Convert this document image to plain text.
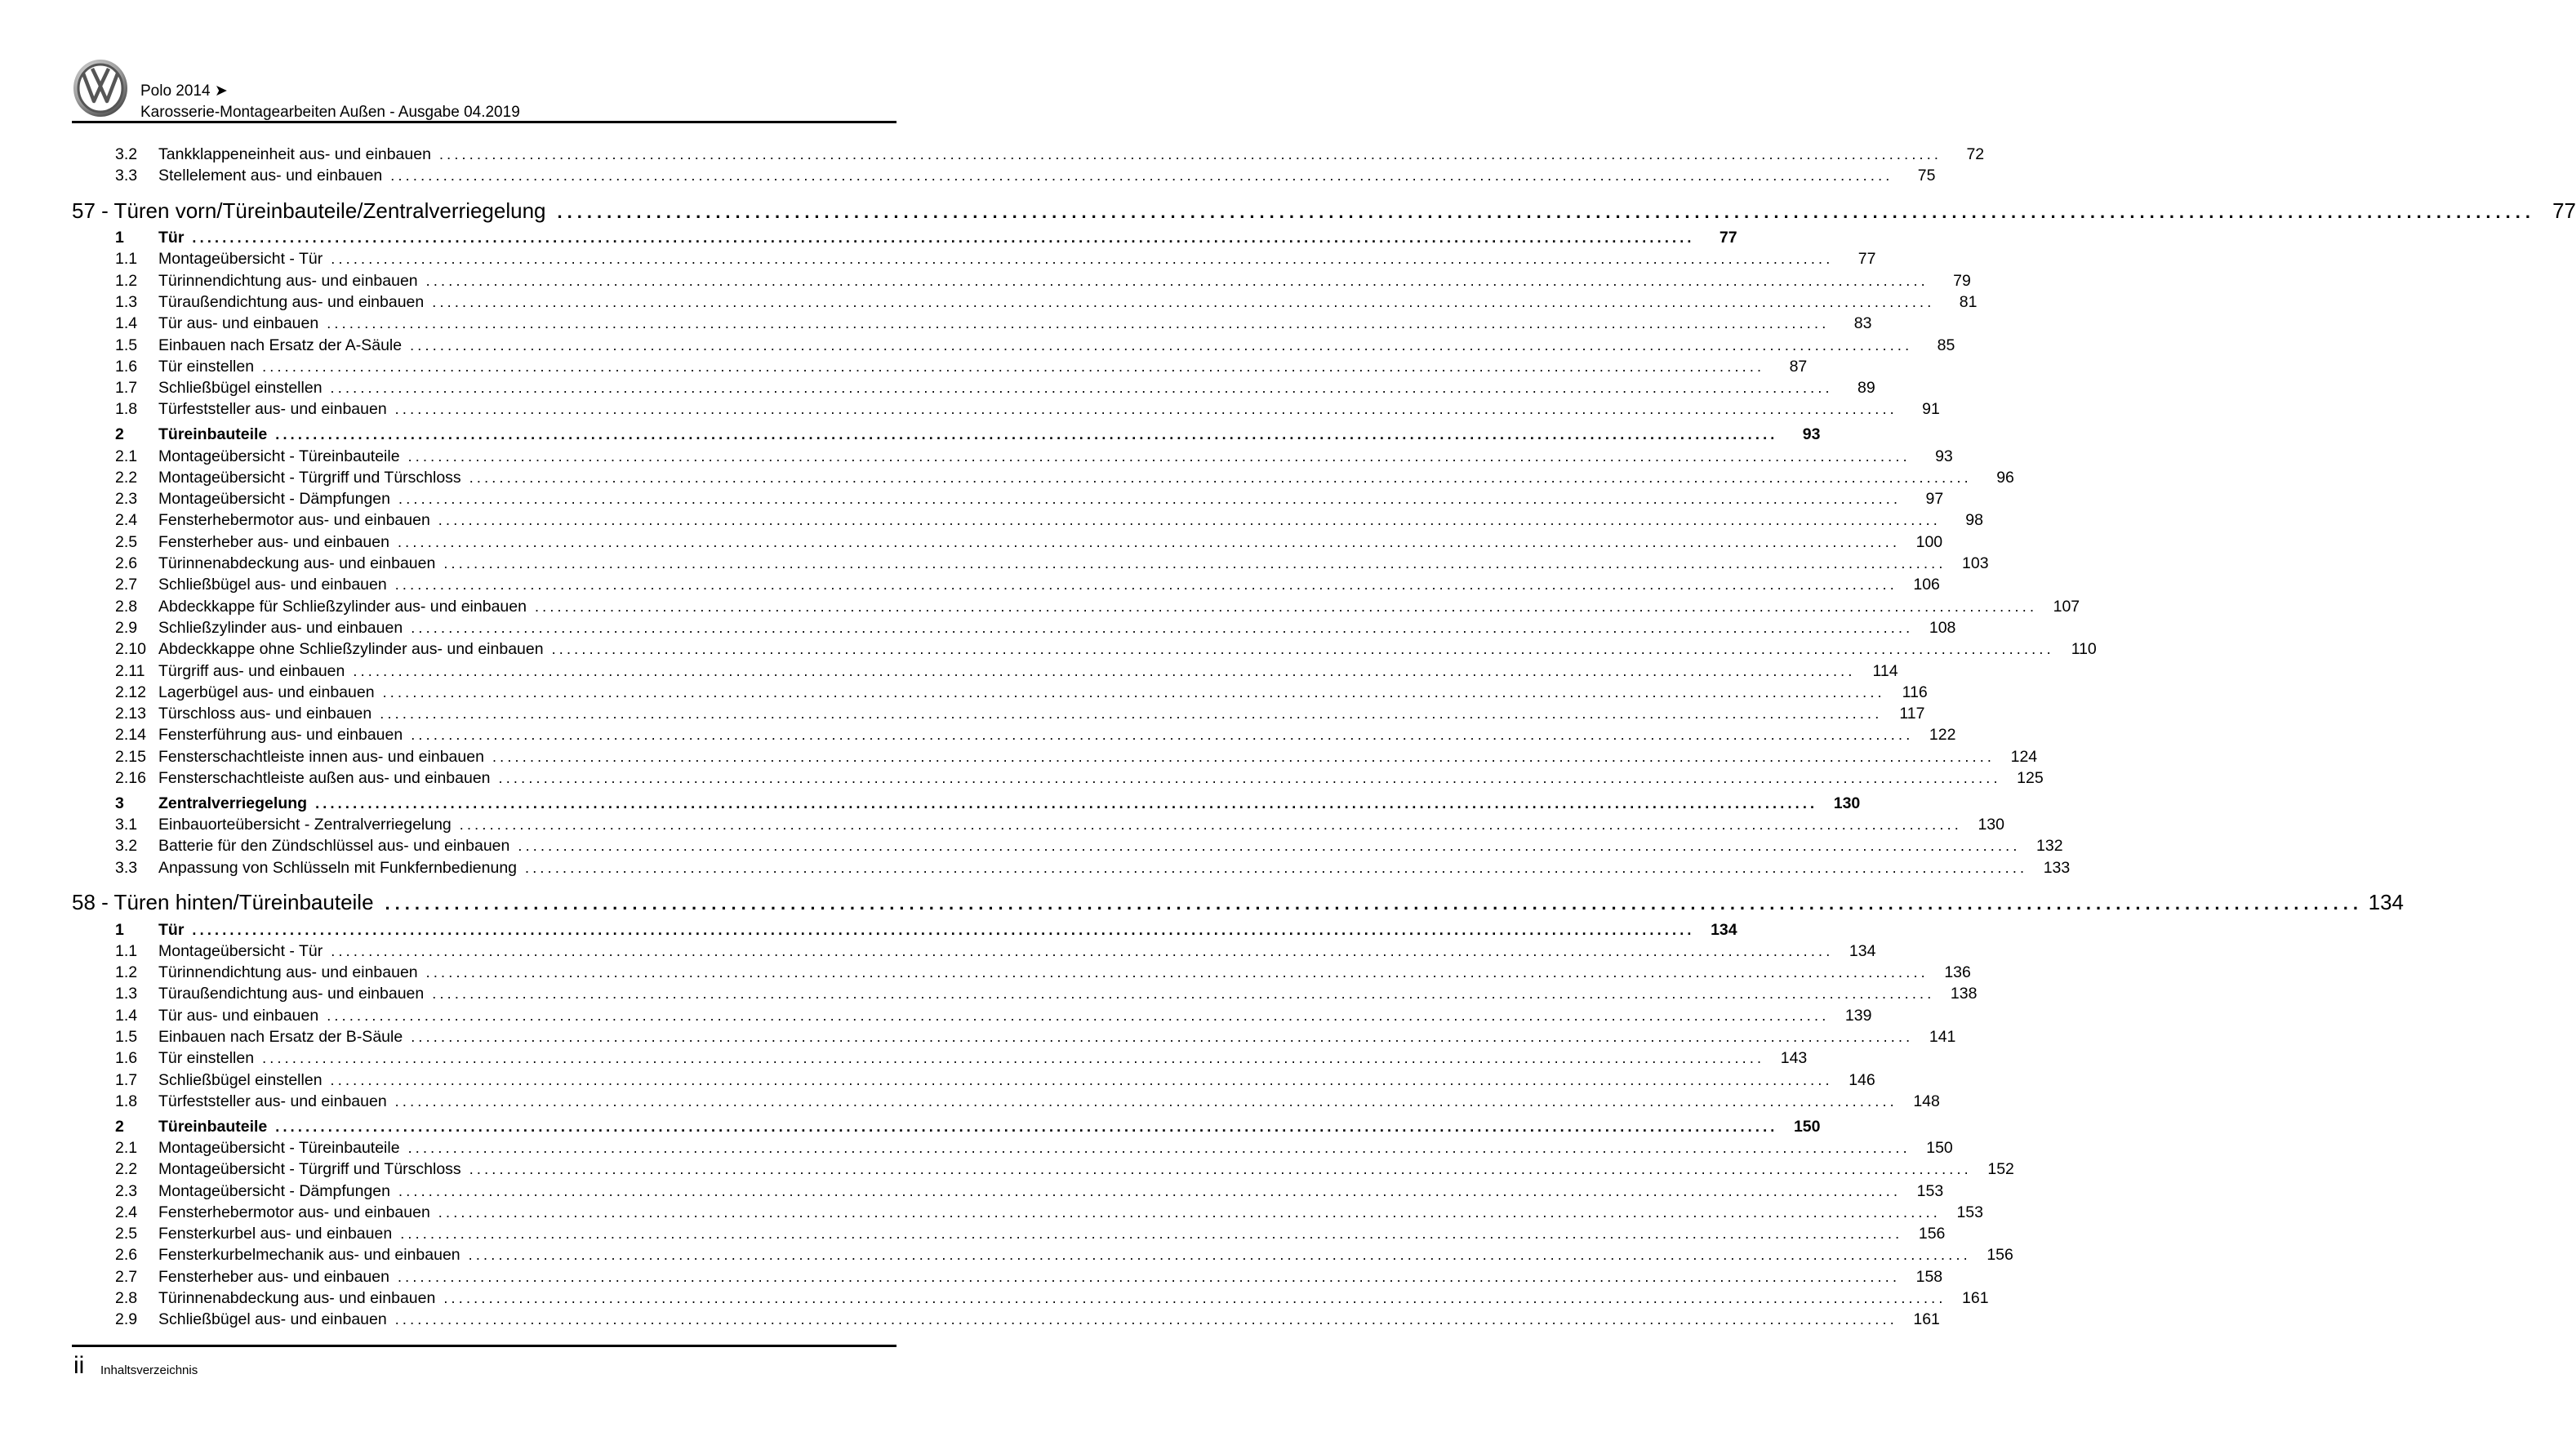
Polo 2014 ➤
Karosserie-Montagearbeiten Außen - Ausgabe 04.2019
3.2	Tankklappeneinheit aus- und einbauen ........................................................................................................................................................................................................	72
3.3	Stellelement aus- und einbauen ........................................................................................................................................................................................................	75
57 - Türen vorn/Türeinbauteile/Zentralverriegelung ........................................................................................................................................................................................................ 77
1	Tür ........................................................................................................................................................................................................	77
1.1	Montageübersicht - Tür ........................................................................................................................................................................................................	77
1.2	Türinnendichtung aus- und einbauen ........................................................................................................................................................................................................	79
1.3	Türaußendichtung aus- und einbauen ........................................................................................................................................................................................................	81
1.4	Tür aus- und einbauen ........................................................................................................................................................................................................	83
1.5	Einbauen nach Ersatz der A-Säule ........................................................................................................................................................................................................	85
1.6	Tür einstellen ........................................................................................................................................................................................................	87
1.7	Schließbügel einstellen ........................................................................................................................................................................................................	89
1.8	Türfeststeller aus- und einbauen ........................................................................................................................................................................................................	91
2	Türeinbauteile ........................................................................................................................................................................................................	93
2.1	Montageübersicht - Türeinbauteile ........................................................................................................................................................................................................	93
2.2	Montageübersicht - Türgriff und Türschloss ........................................................................................................................................................................................................	96
2.3	Montageübersicht - Dämpfungen ........................................................................................................................................................................................................	97
2.4	Fensterhebermotor aus- und einbauen ........................................................................................................................................................................................................	98
2.5	Fensterheber aus- und einbauen ........................................................................................................................................................................................................ 100
2.6	Türinnenabdeckung aus- und einbauen ........................................................................................................................................................................................................ 103
2.7	Schließbügel aus- und einbauen ........................................................................................................................................................................................................ 106
2.8	Abdeckkappe für Schließzylinder aus- und einbauen ........................................................................................................................................................................................................ 107
2.9	Schließzylinder aus- und einbauen ........................................................................................................................................................................................................ 108
2.10 Abdeckkappe ohne Schließzylinder aus- und einbauen ........................................................................................................................................................................................................	110
2.11 Türgriff aus- und einbauen ........................................................................................................................................................................................................	114
2.12 Lagerbügel aus- und einbauen ........................................................................................................................................................................................................	116
2.13 Türschloss aus- und einbauen ........................................................................................................................................................................................................	117
2.14 Fensterführung aus- und einbauen ........................................................................................................................................................................................................ 122
2.15 Fensterschachtleiste innen aus- und einbauen ........................................................................................................................................................................................................ 124
2.16 Fensterschachtleiste außen aus- und einbauen ........................................................................................................................................................................................................ 125
3	Zentralverriegelung ........................................................................................................................................................................................................ 130
3.1	Einbauorteübersicht - Zentralverriegelung ........................................................................................................................................................................................................ 130
3.2	Batterie für den Zündschlüssel aus- und einbauen ........................................................................................................................................................................................................ 132
3.3	Anpassung von Schlüsseln mit Funkfernbedienung ........................................................................................................................................................................................................ 133
58 - Türen hinten/Türeinbauteile ........................................................................................................................................................................................................ 134
1	Tür ........................................................................................................................................................................................................ 134
1.1	Montageübersicht - Tür ........................................................................................................................................................................................................ 134
1.2	Türinnendichtung aus- und einbauen ........................................................................................................................................................................................................ 136
1.3	Türaußendichtung aus- und einbauen ........................................................................................................................................................................................................ 138
1.4	Tür aus- und einbauen ........................................................................................................................................................................................................ 139
1.5	Einbauen nach Ersatz der B-Säule ........................................................................................................................................................................................................ 141
1.6	Tür einstellen ........................................................................................................................................................................................................ 143
1.7	Schließbügel einstellen ........................................................................................................................................................................................................ 146
1.8	Türfeststeller aus- und einbauen ........................................................................................................................................................................................................ 148
2	Türeinbauteile ........................................................................................................................................................................................................ 150
2.1	Montageübersicht - Türeinbauteile ........................................................................................................................................................................................................ 150
2.2	Montageübersicht - Türgriff und Türschloss ........................................................................................................................................................................................................ 152
2.3	Montageübersicht - Dämpfungen ........................................................................................................................................................................................................ 153
2.4	Fensterhebermotor aus- und einbauen ........................................................................................................................................................................................................ 153
2.5	Fensterkurbel aus- und einbauen ........................................................................................................................................................................................................ 156
2.6	Fensterkurbelmechanik aus- und einbauen ........................................................................................................................................................................................................ 156
2.7	Fensterheber aus- und einbauen ........................................................................................................................................................................................................ 158
2.8	Türinnenabdeckung aus- und einbauen ........................................................................................................................................................................................................ 161
2.9	Schließbügel aus- und einbauen ........................................................................................................................................................................................................ 161
ii Inhaltsverzeichnis
